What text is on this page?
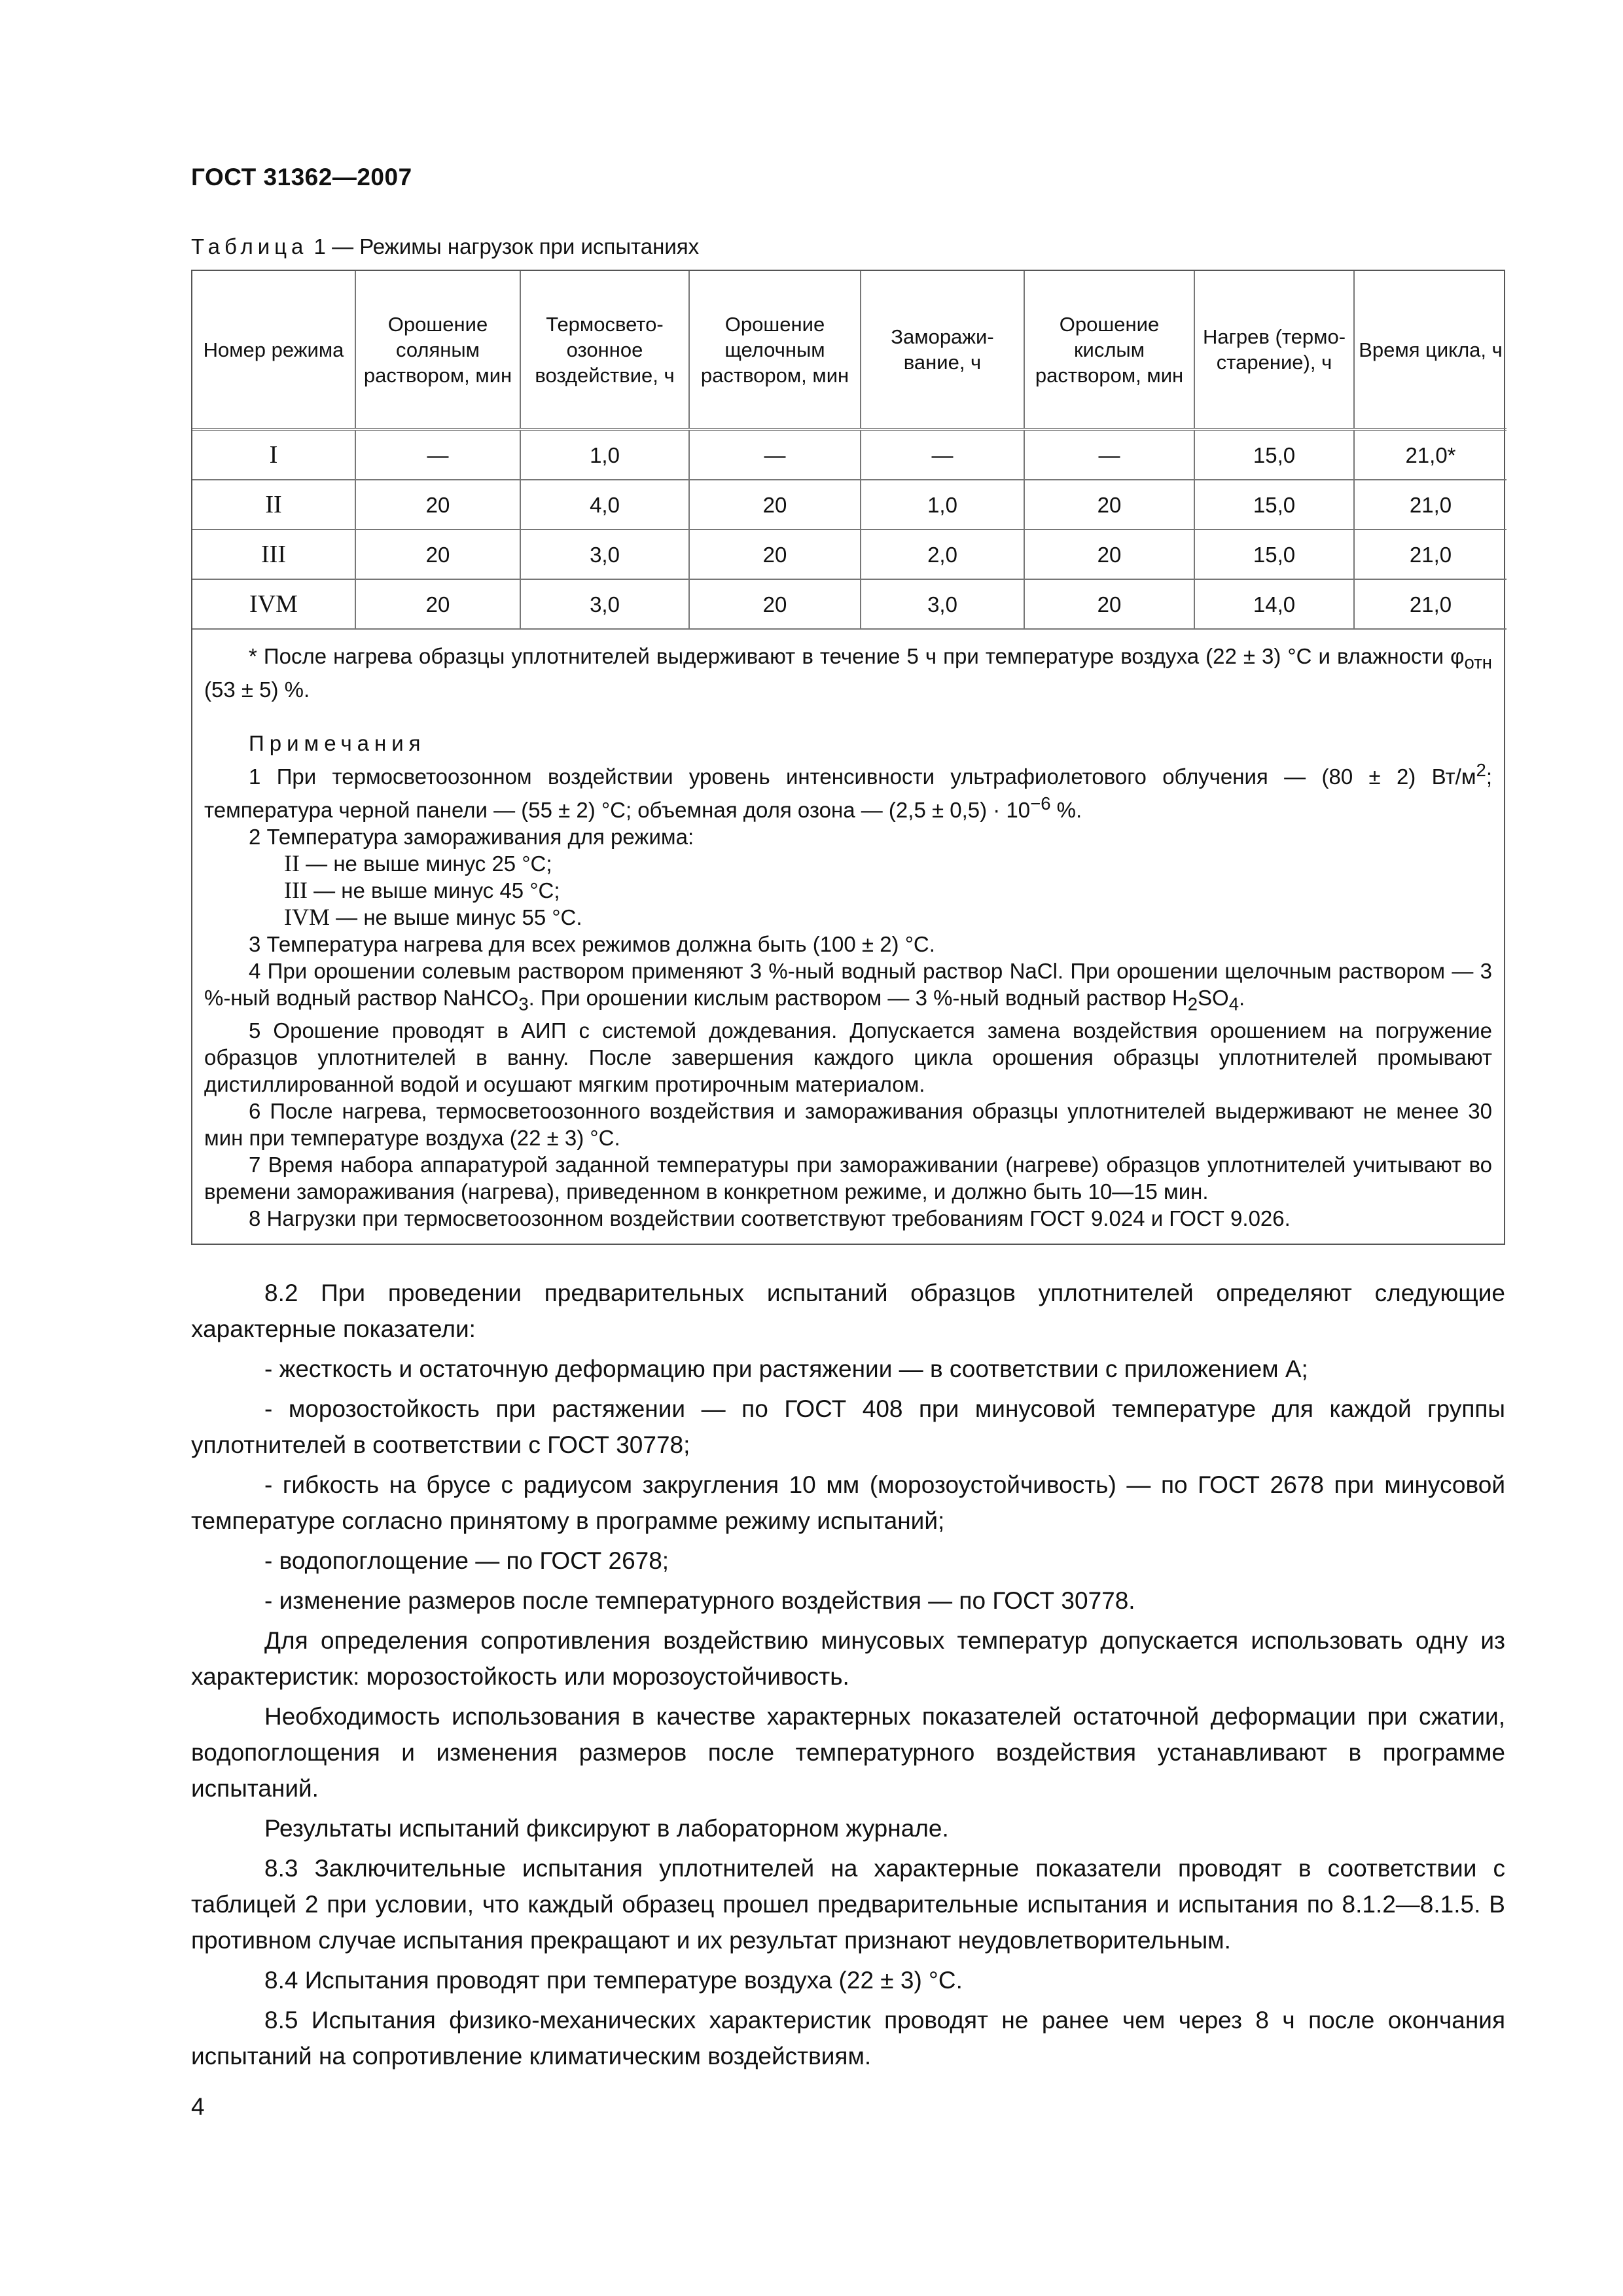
ГОСТ 31362—2007
Таблица 1 — Режимы нагрузок при испытаниях
Номер режима	Орошение соляным раствором, мин	Термосвето-озонное воздействие, ч	Орошение щелочным раствором, мин	Заморажи-вание, ч	Орошение кислым раствором, мин	Нагрев (термо-старение), ч	Время цикла, ч
I	—	1,0	—	—	—	15,0	21,0*
II	20	4,0	20	1,0	20	15,0	21,0
III	20	3,0	20	2,0	20	15,0	21,0
IVM	20	3,0	20	3,0	20	14,0	21,0

* После нагрева образцы уплотнителей выдерживают в течение 5 ч при температуре воздуха (22 ± 3) °С и влажности $\varphi_{отн}$ (53 ± 5) %.

Примечания

1 При термосветоозонном воздействии уровень интенсивности ультрафиолетового облучения — (80 ± 2) $Вт/м^2$; температура черной панели — (55 ± 2) °С; объемная доля озона — $(2,5 \pm 0,5) \cdot 10^{-6}$ %.

2 Температура замораживания для режима:

II — не выше минус 25 °С;

III — не выше минус 45 °С;

IVM — не выше минус 55 °С.

3 Температура нагрева для всех режимов должна быть (100 ± 2) °С.

4 При орошении солевым раствором применяют 3 %-ный водный раствор NaCl. При орошении щелочным раствором — 3 %-ный водный раствор NaHCO$_3$. При орошении кислым раствором — 3 %-ный водный раствор $H_2SO_4$.

5 Орошение проводят в АИП с системой дождевания. Допускается замена воздействия орошением на погружение образцов уплотнителей в ванну. После завершения каждого цикла орошения образцы уплотнителей промывают дистиллированной водой и осушают мягким протирочным материалом.

6 После нагрева, термосветоозонного воздействия и замораживания образцы уплотнителей выдерживают не менее 30 мин при температуре воздуха (22 ± 3) °С.

7 Время набора аппаратурой заданной температуры при замораживании (нагреве) образцов уплотнителей учитывают во времени замораживания (нагрева), приведенном в конкретном режиме, и должно быть 10—15 мин.

8 Нагрузки при термосветоозонном воздействии соответствуют требованиям ГОСТ 9.024 и ГОСТ 9.026.

8.2 При проведении предварительных испытаний образцов уплотнителей определяют следующие характерные показатели:

- жесткость и остаточную деформацию при растяжении — в соответствии с приложением А;

- морозостойкость при растяжении — по ГОСТ 408 при минусовой температуре для каждой группы уплотнителей в соответствии с ГОСТ 30778;

- гибкость на брусе с радиусом закругления 10 мм (морозоустойчивость) — по ГОСТ 2678 при минусовой температуре согласно принятому в программе режиму испытаний;

- водопоглощение — по ГОСТ 2678;

- изменение размеров после температурного воздействия — по ГОСТ 30778.

Для определения сопротивления воздействию минусовых температур допускается использовать одну из характеристик: морозостойкость или морозоустойчивость.

Необходимость использования в качестве характерных показателей остаточной деформации при сжатии, водопоглощения и изменения размеров после температурного воздействия устанавливают в программе испытаний.

Результаты испытаний фиксируют в лабораторном журнале.

8.3 Заключительные испытания уплотнителей на характерные показатели проводят в соответствии с таблицей 2 при условии, что каждый образец прошел предварительные испытания и испытания по 8.1.2—8.1.5. В противном случае испытания прекращают и их результат признают неудовлетворительным.

8.4 Испытания проводят при температуре воздуха (22 ± 3) °С.

8.5 Испытания физико-механических характеристик проводят не ранее чем через 8 ч после окончания испытаний на сопротивление климатическим воздействиям.

4
